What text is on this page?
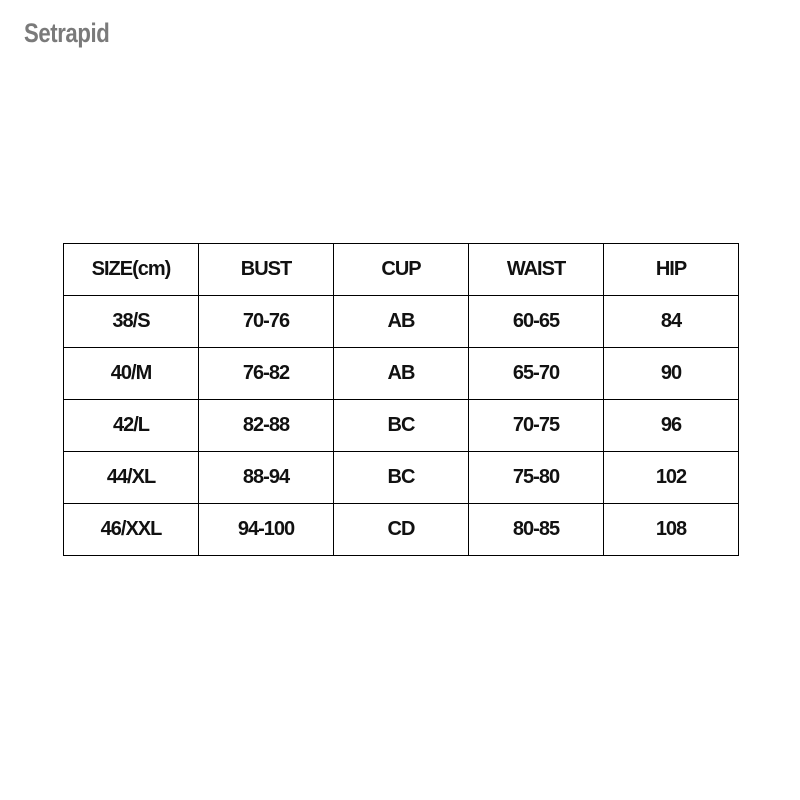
Setrapid
SIZE(cm)	BUST	CUP	WAIST	HIP
38/S	70-76	AB	60-65	84
40/M	76-82	AB	65-70	90
42/L	82-88	BC	70-75	96
44/XL	88-94	BC	75-80	102
46/XXL	94-100	CD	80-85	108
